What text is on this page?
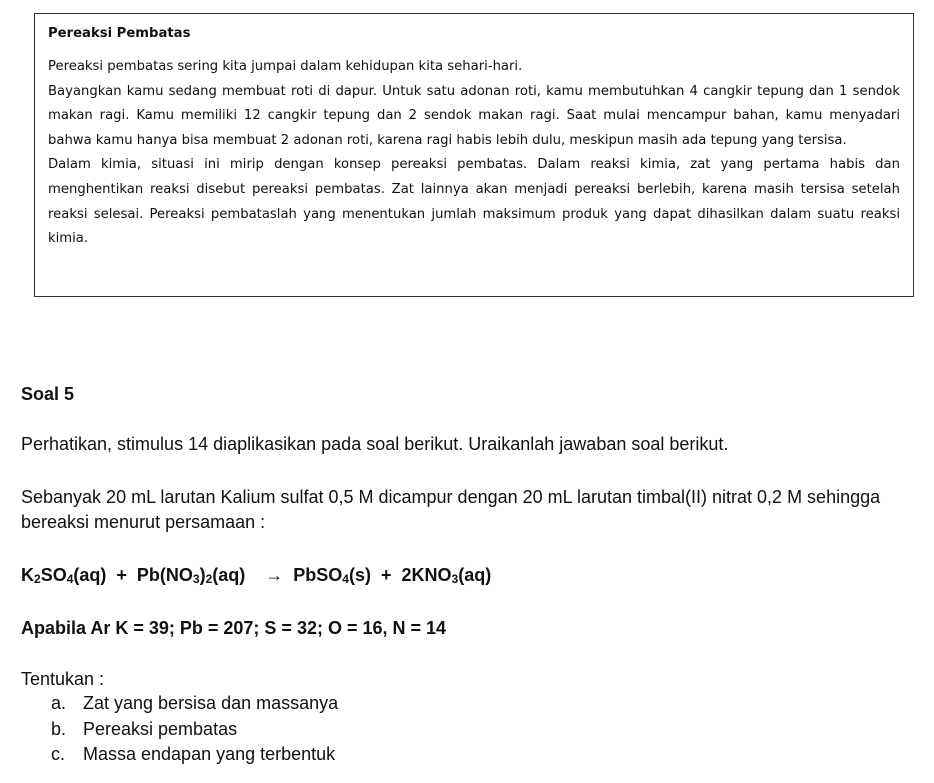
Pereaksi Pembatas

Pereaksi pembatas sering kita jumpai dalam kehidupan kita sehari-hari.

Bayangkan kamu sedang membuat roti di dapur. Untuk satu adonan roti, kamu membutuhkan 4 cangkir tepung dan 1 sendok makan ragi. Kamu memiliki 12 cangkir tepung dan 2 sendok makan ragi. Saat mulai mencampur bahan, kamu menyadari bahwa kamu hanya bisa membuat 2 adonan roti, karena ragi habis lebih dulu, meskipun masih ada tepung yang tersisa.

Dalam kimia, situasi ini mirip dengan konsep pereaksi pembatas. Dalam reaksi kimia, zat yang pertama habis dan menghentikan reaksi disebut pereaksi pembatas. Zat lainnya akan menjadi pereaksi berlebih, karena masih tersisa setelah reaksi selesai. Pereaksi pembataslah yang menentukan jumlah maksimum produk yang dapat dihasilkan dalam suatu reaksi kimia.

Soal 5

Perhatikan, stimulus 14 diaplikasikan pada soal berikut. Uraikanlah jawaban soal berikut.

Sebanyak 20 mL larutan Kalium sulfat 0,5 M dicampur dengan 20 mL larutan timbal(II) nitrat 0,2 M sehingga bereaksi menurut persamaan :

$K_2SO_4(aq) + Pb(NO_3)_2(aq)$ → PbSO$_4$(s) + $2KNO_3(aq)$

Apabila Ar K = 39; Pb = 207; S = 32; O = 16, N = 14

Tentukan :

a. Zat yang bersisa dan massanya
b. Pereaksi pembatas
c. Massa endapan yang terbentuk
